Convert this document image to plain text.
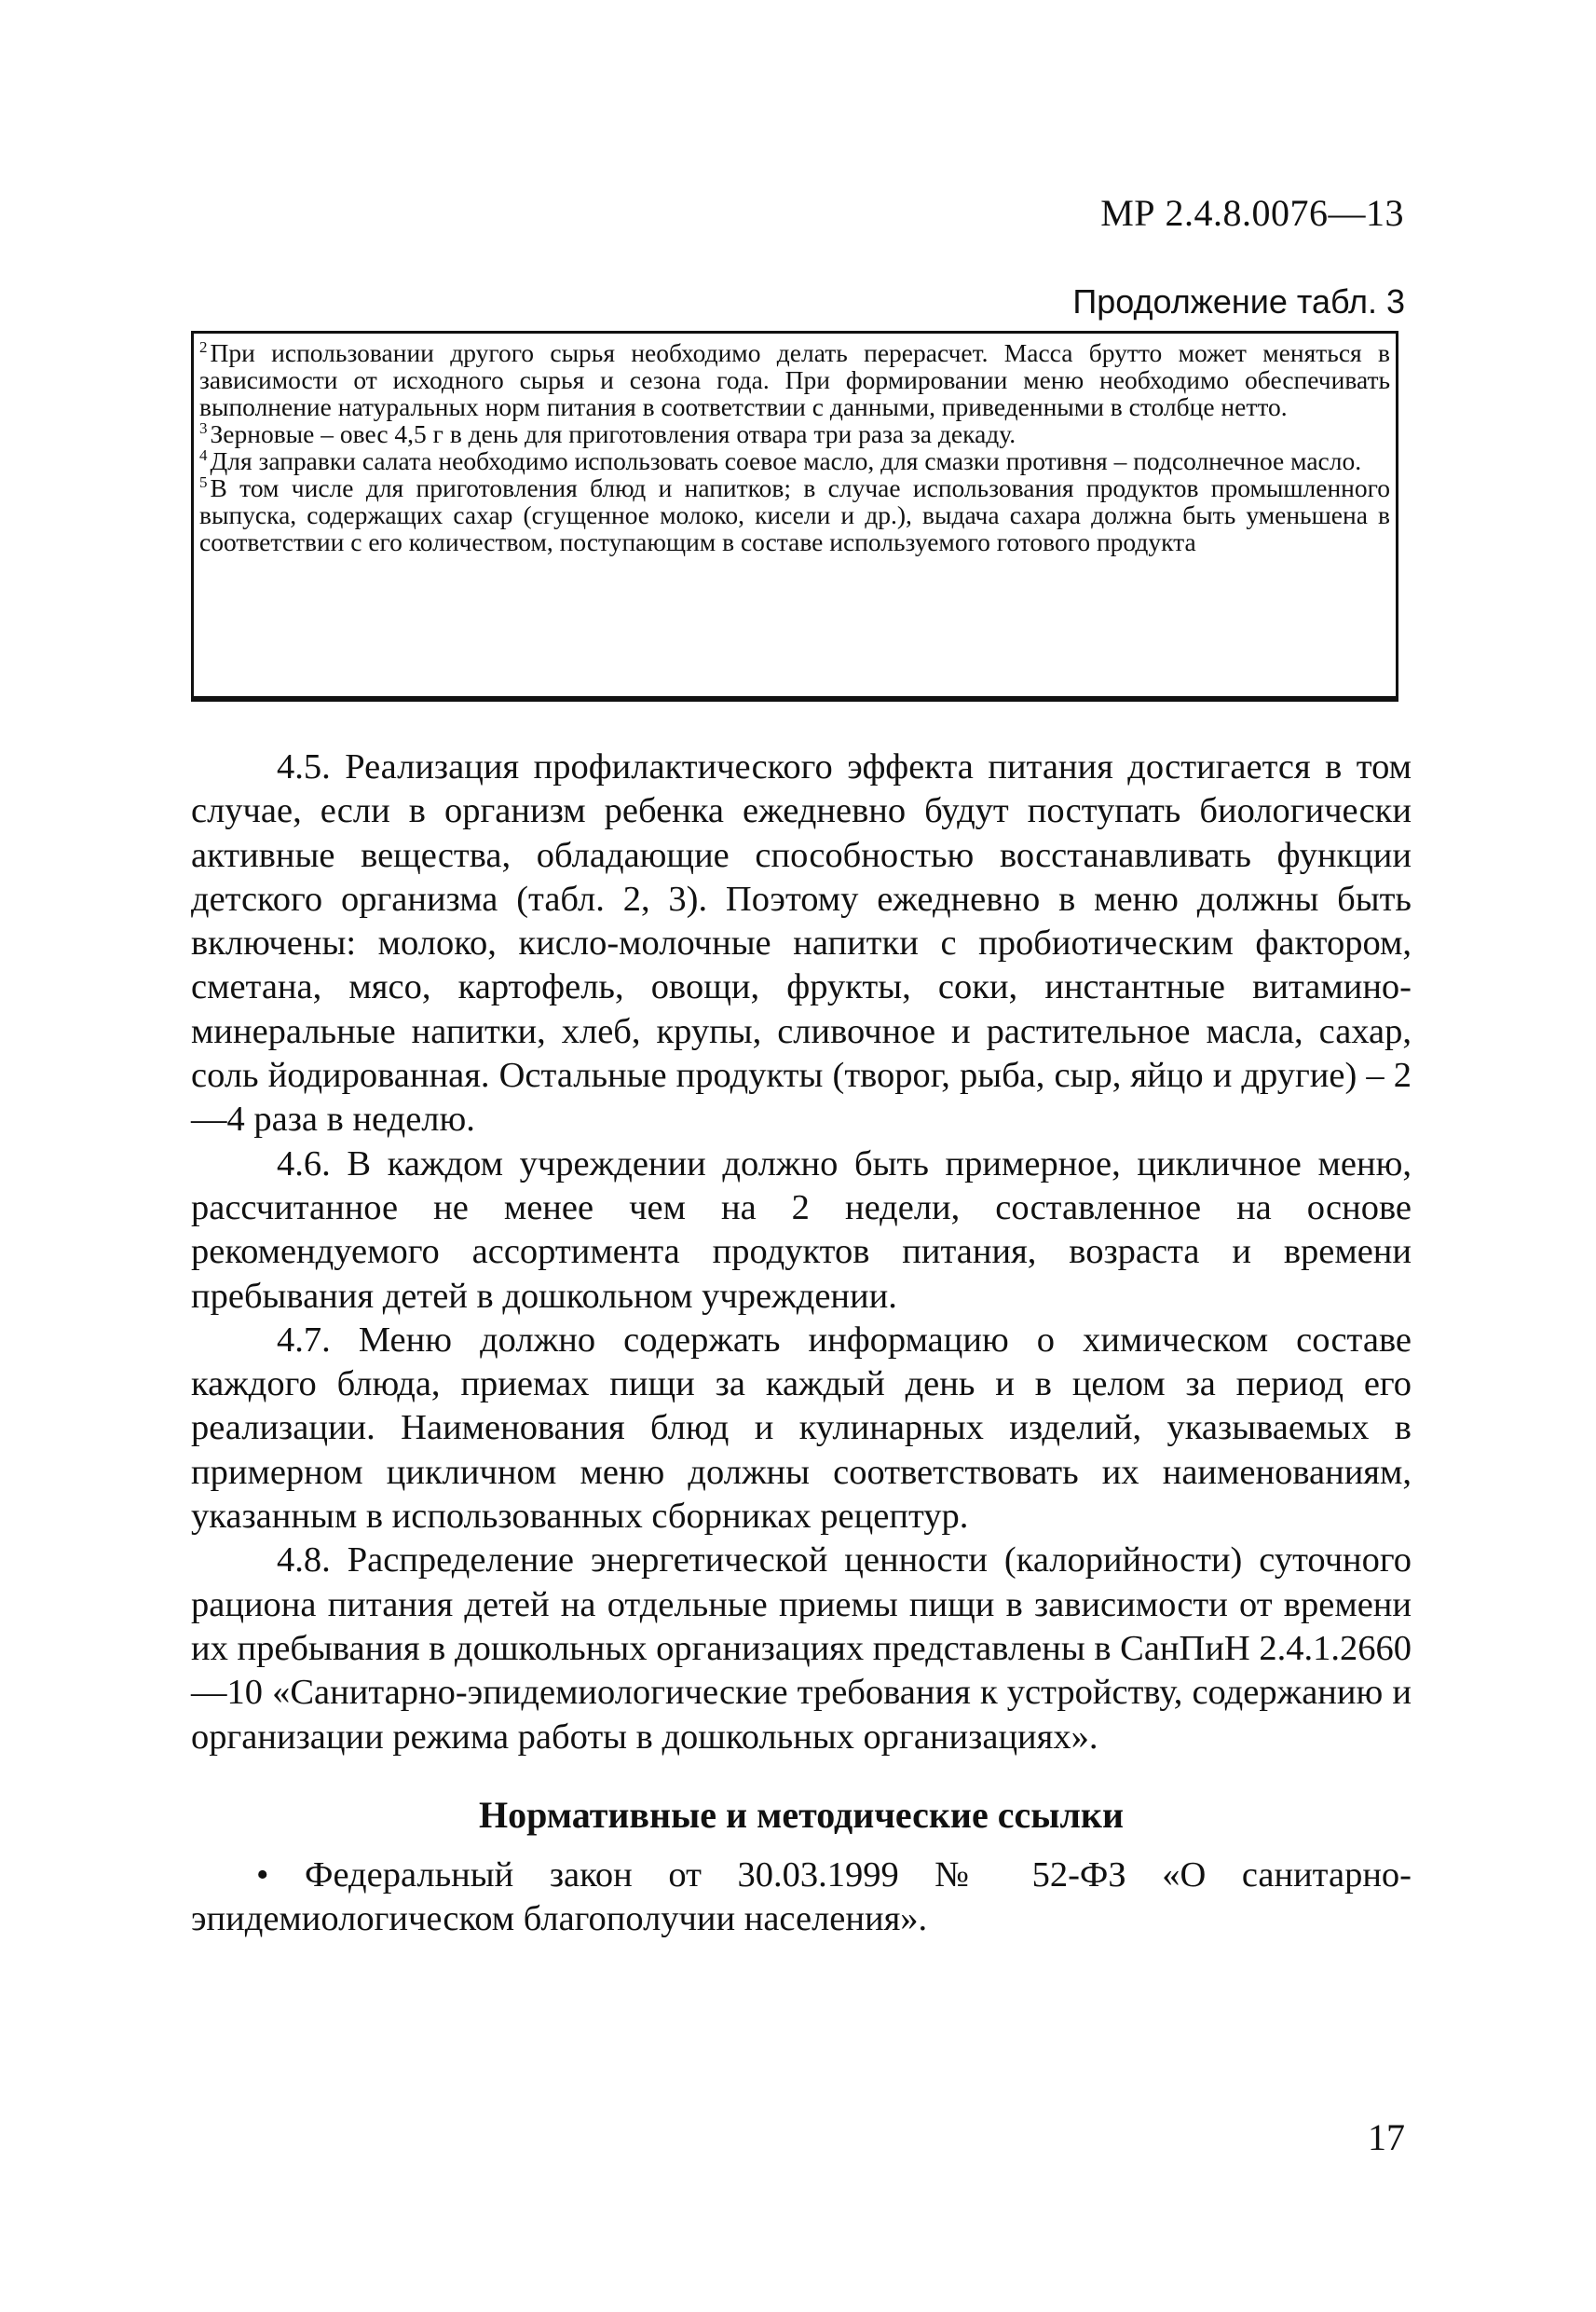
МР 2.4.8.0076—13
Продолжение табл. 3
$^2$ При использовании другого сырья необходимо делать перерасчет. Масса брутто может меняться в зависимости от исходного сырья и сезона года. При формировании меню необходимо обеспечивать выполнение натуральных норм питания в соответствии с данными, приведенными в столбце нетто.
$^3$ Зерновые – овес 4,5 г в день для приготовления отвара три раза за декаду.
$^4$ Для заправки салата необходимо использовать соевое масло, для смазки противня – подсолнечное масло.
$^5$ В том числе для приготовления блюд и напитков; в случае использования продуктов промышленного выпуска, содержащих сахар (сгущенное молоко, кисели и др.), выдача сахара должна быть уменьшена в соответствии с его количеством, поступающим в составе используемого готового продукта

4.5. Реализация профилактического эффекта питания достигается в том случае, если в организм ребенка ежедневно будут поступать биологически активные вещества, обладающие способностью восстанавливать функции детского организма (табл. 2, 3). Поэтому ежедневно в меню должны быть включены: молоко, кисло-молочные напитки с пробиотическим фактором, сметана, мясо, картофель, овощи, фрукты, соки, инстантные витамино-минеральные напитки, хлеб, крупы, сливочное и растительное масла, сахар, соль йодированная. Остальные продукты (творог, рыба, сыр, яйцо и другие) – 2—4 раза в неделю.

4.6. В каждом учреждении должно быть примерное, цикличное меню, рассчитанное не менее чем на 2 недели, составленное на основе рекомендуемого ассортимента продуктов питания, возраста и времени пребывания детей в дошкольном учреждении.

4.7. Меню должно содержать информацию о химическом составе каждого блюда, приемах пищи за каждый день и в целом за период его реализации. Наименования блюд и кулинарных изделий, указываемых в примерном цикличном меню должны соответствовать их наименованиям, указанным в использованных сборниках рецептур.

4.8. Распределение энергетической ценности (калорийности) суточного рациона питания детей на отдельные приемы пищи в зависимости от времени их пребывания в дошкольных организациях представлены в СанПиН 2.4.1.2660—10 «Санитарно-эпидемиологические требования к устройству, содержанию и организации режима работы в дошкольных организациях».

Нормативные и методические ссылки

• Федеральный закон от 30.03.1999 № 52-ФЗ «О санитарно-эпидемиологическом благополучии населения».

17
